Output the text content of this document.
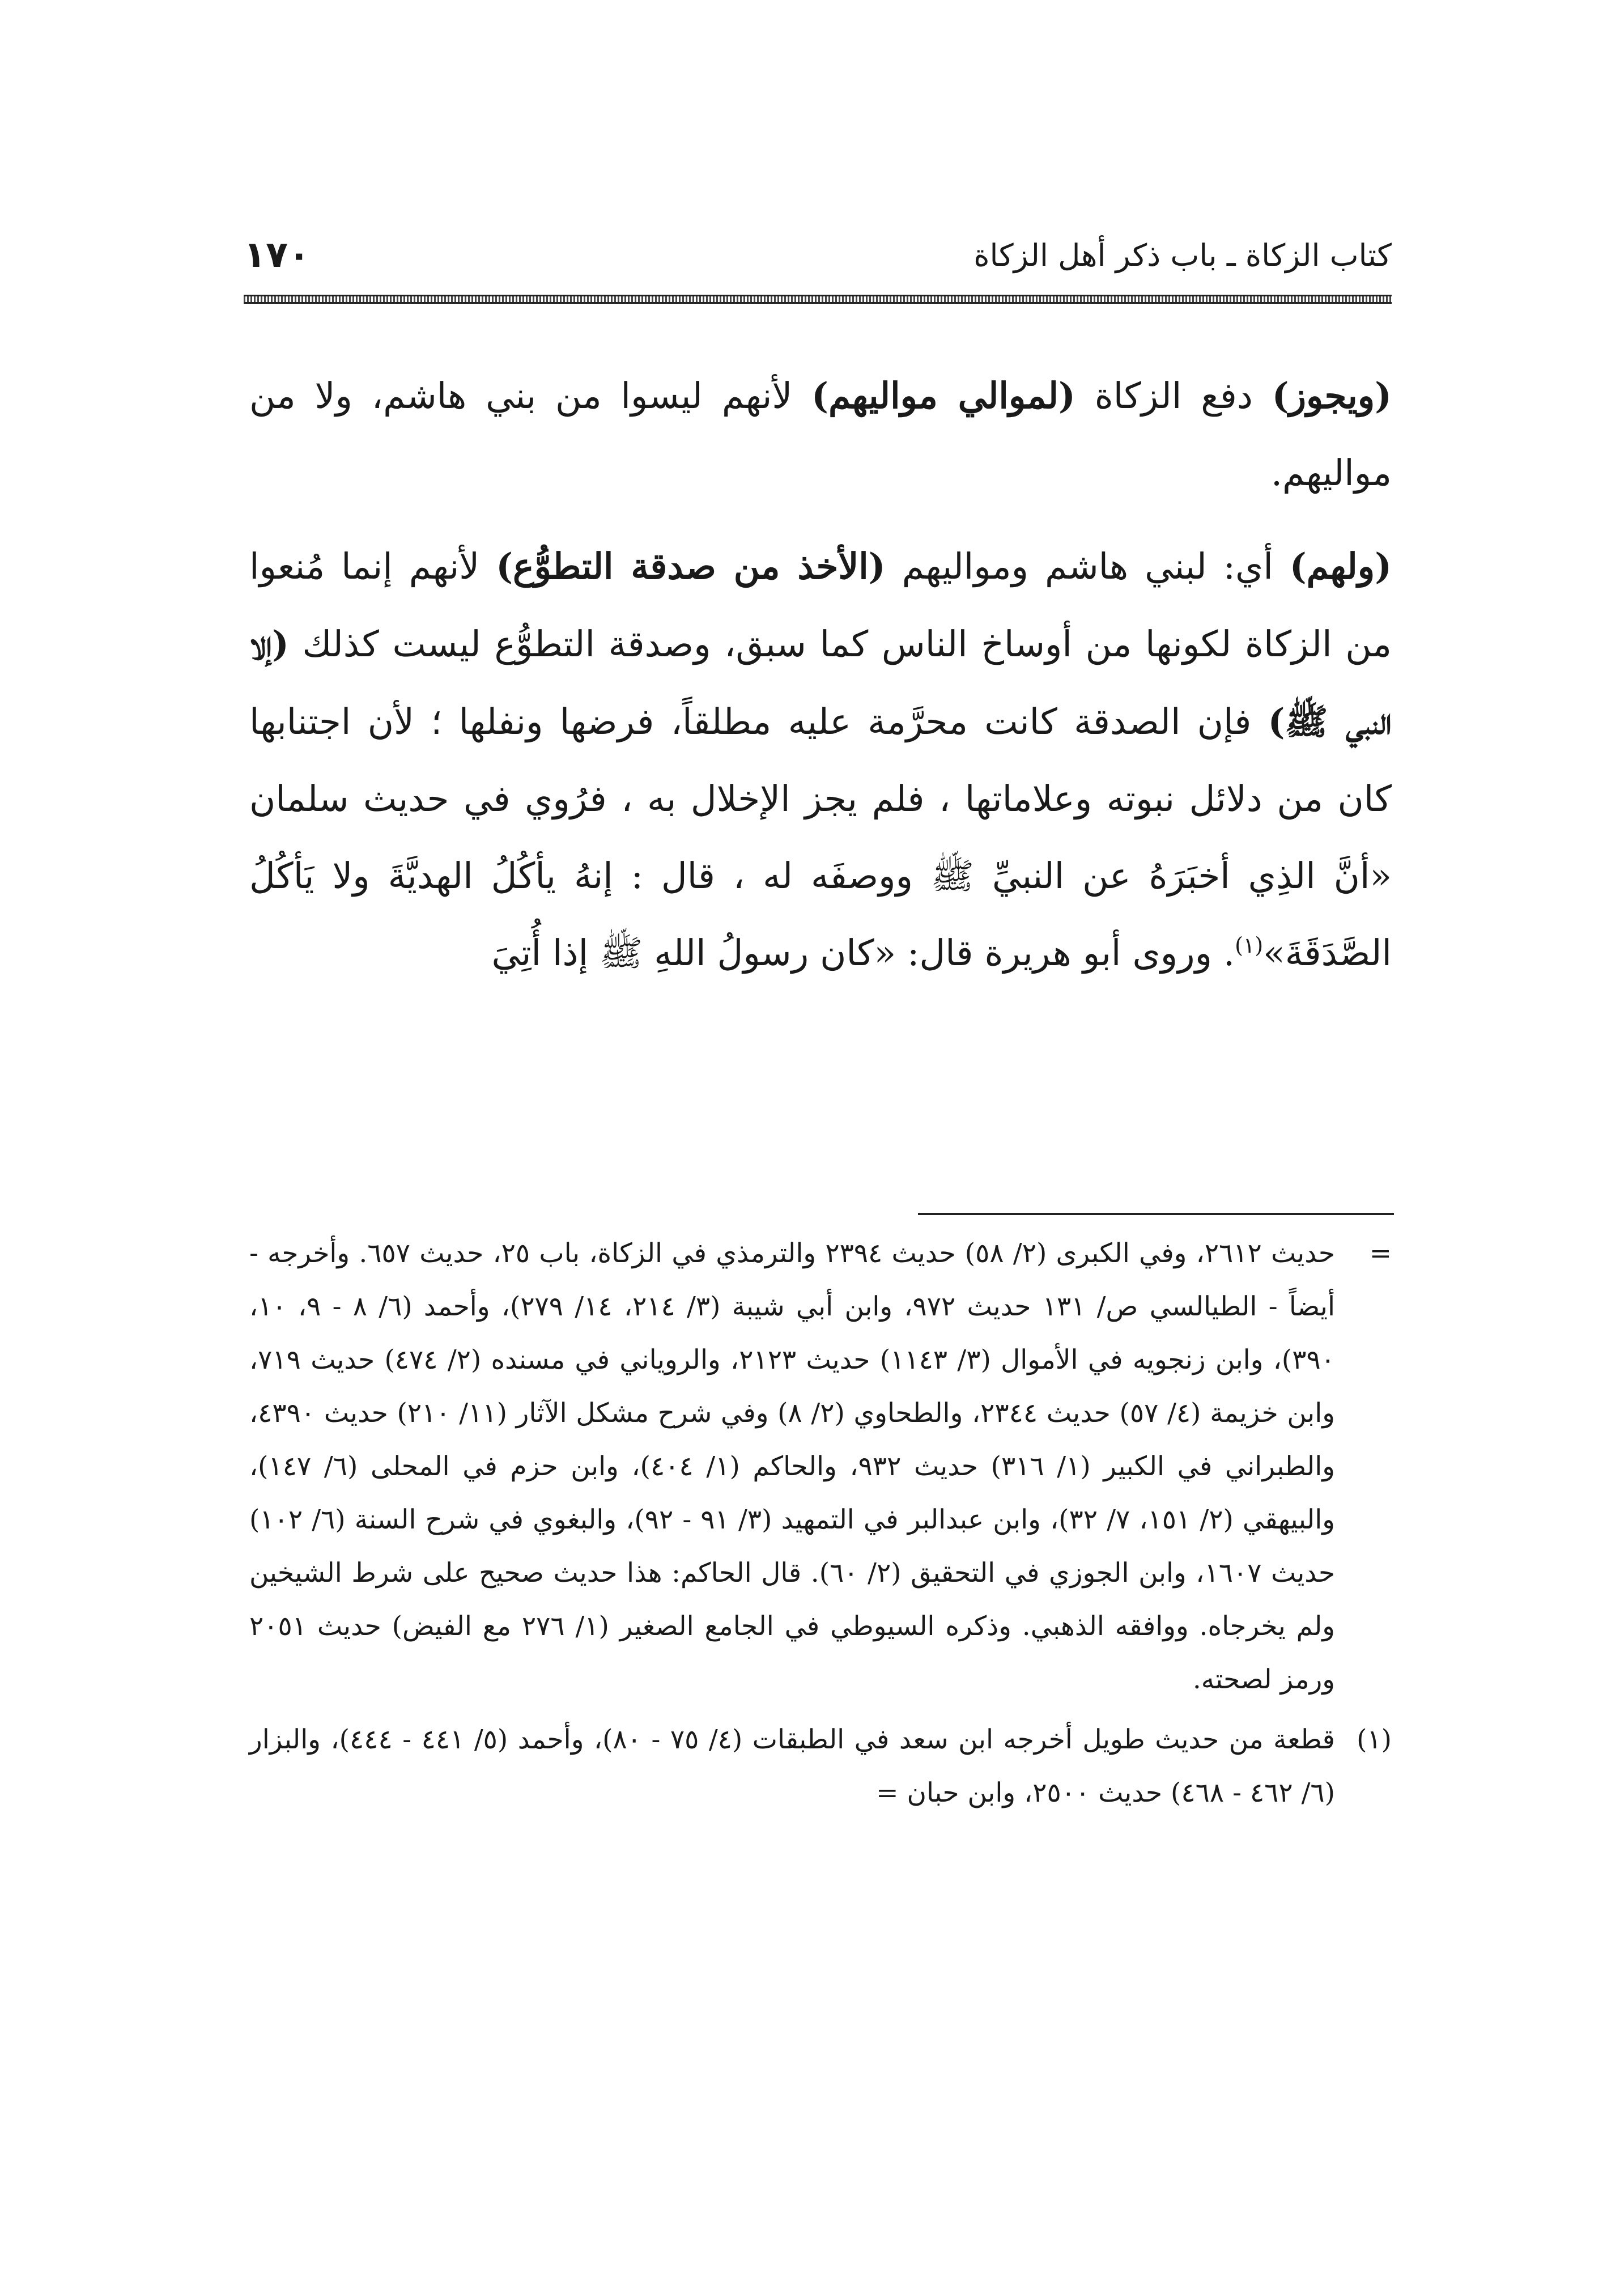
كتاب الزكاة ـ باب ذكر أهل الزكاة
١٧٠

(ويجوز) دفع الزكاة (لموالي مواليهم) لأنهم ليسوا من بني هاشم، ولا من مواليهم.

(ولهم) أي: لبني هاشم ومواليهم (الأخذ من صدقة التطوُّع) لأنهم إنما مُنعوا من الزكاة لكونها من أوساخ الناس كما سبق، وصدقة التطوُّع ليست كذلك (إلا النبي ﷺ) فإن الصدقة كانت محرَّمة عليه مطلقاً، فرضها ونفلها ؛ لأن اجتنابها كان من دلائل نبوته وعلاماتها ، فلم يجز الإخلال به ، فرُوي في حديث سلمان «أنَّ الذِي أخبَرَهُ عن النبيِّ ﷺ ووصفَه له ، قال : إنهُ يأكُلُ الهديَّةَ ولا يَأكُلُ الصَّدَقَةَ»$^{(١)}$. وروى أبو هريرة قال: «كان رسولُ اللهِ ﷺ إذا أُتِيَ

=
حديث ٢٦١٢، وفي الكبرى (٢/ ٥٨) حديث ٢٣٩٤ والترمذي في الزكاة، باب ٢٥، حديث ٦٥٧. وأخرجه - أيضاً - الطيالسي ص/ ١٣١ حديث ٩٧٢، وابن أبي شيبة (٣/ ٢١٤، ١٤/ ٢٧٩)، وأحمد (٦/ ٨ - ٩، ١٠، ٣٩٠)، وابن زنجويه في الأموال (٣/ ١١٤٣) حديث ٢١٢٣، والروياني في مسنده (٢/ ٤٧٤) حديث ٧١٩، وابن خزيمة (٤/ ٥٧) حديث ٢٣٤٤، والطحاوي (٢/ ٨) وفي شرح مشكل الآثار (١١/ ٢١٠) حديث ٤٣٩٠، والطبراني في الكبير (١/ ٣١٦) حديث ٩٣٢، والحاكم (١/ ٤٠٤)، وابن حزم في المحلى (٦/ ١٤٧)، والبيهقي (٢/ ١٥١، ٧/ ٣٢)، وابن عبدالبر في التمهيد (٣/ ٩١ - ٩٢)، والبغوي في شرح السنة (٦/ ١٠٢) حديث ١٦٠٧، وابن الجوزي في التحقيق (٢/ ٦٠). قال الحاكم: هذا حديث صحيح على شرط الشيخين ولم يخرجاه. ووافقه الذهبي. وذكره السيوطي في الجامع الصغير (١/ ٢٧٦ مع الفيض) حديث ٢٠٥١ ورمز لصحته.
(١)
قطعة من حديث طويل أخرجه ابن سعد في الطبقات (٤/ ٧٥ - ٨٠)، وأحمد (٥/ ٤٤١ - ٤٤٤)، والبزار (٦/ ٤٦٢ - ٤٦٨) حديث ٢٥٠٠، وابن حبان =
